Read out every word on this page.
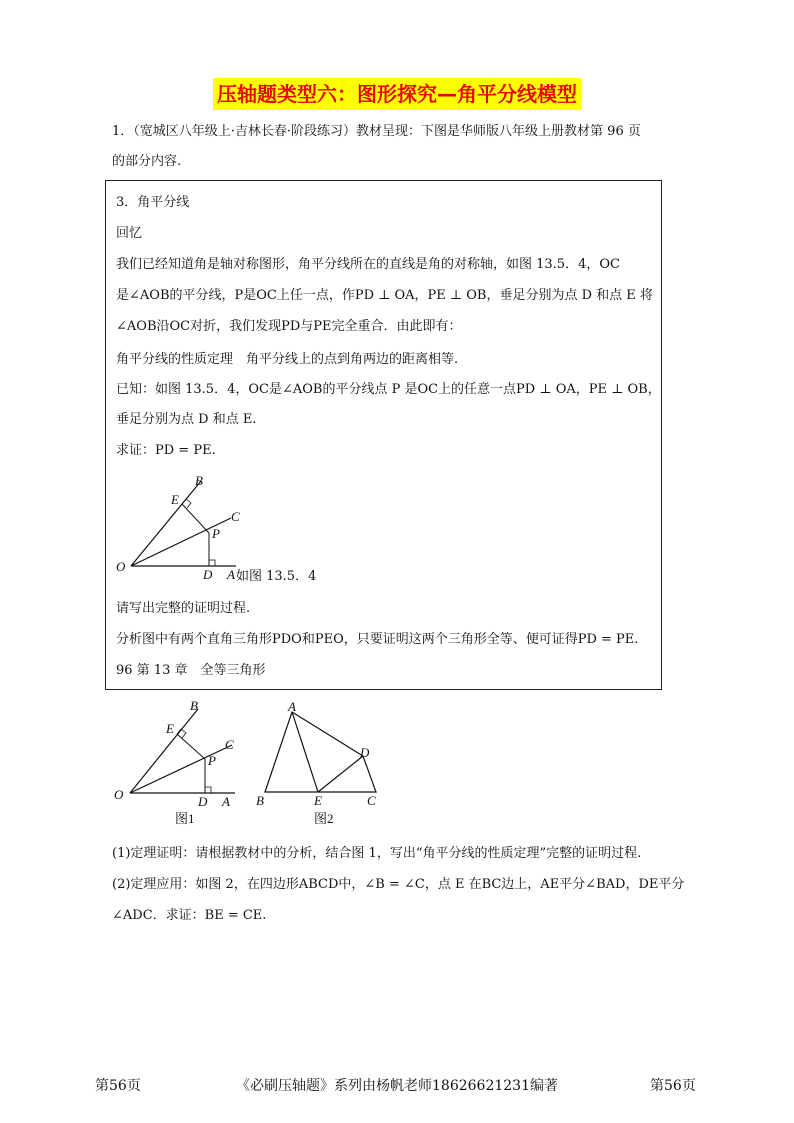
压轴题类型六：图形探究—角平分线模型
1．（宽城区八年级上·吉林长春·阶段练习）教材呈现：下图是华师版八年级上册教材第 96 页
的部分内容.
3．角平分线
回忆
我们已经知道角是轴对称图形，角平分线所在的直线是角的对称轴，如图 13.5．4，OC
是∠AOB的平分线，P是OC上任一点，作PD ⊥ OA，PE ⊥ OB，垂足分别为点 D 和点 E 将
∠AOB沿OC对折，我们发现PD与PE完全重合．由此即有：
角平分线的性质定理　角平分线上的点到角两边的距离相等.
已知：如图 13.5．4，OC是∠AOB的平分线点 P 是OC上的任意一点PD ⊥ OA，PE ⊥ OB，
垂足分别为点 D 和点 E.
求证：PD = PE.
B
E
C
P
O
D A 如图 13.5．4
请写出完整的证明过程.
分析图中有两个直角三角形PDO和PEO，只要证明这两个三角形全等、便可证得PD = PE.
96 第 13 章　全等三角形
B
E
C
P
O	D A
图1
A
D
B	E	C
图2
(1)定理证明：请根据教材中的分析，结合图 1，写出“角平分线的性质定理”完整的证明过程.
(2)定理应用：如图 2，在四边形ABCD中，∠B = ∠C，点 E 在BC边上，AE平分∠BAD，DE平分
∠ADC．求证：BE = CE.
第56页	《必刷压轴题》系列由杨帆老师18626621231编著	第56页
